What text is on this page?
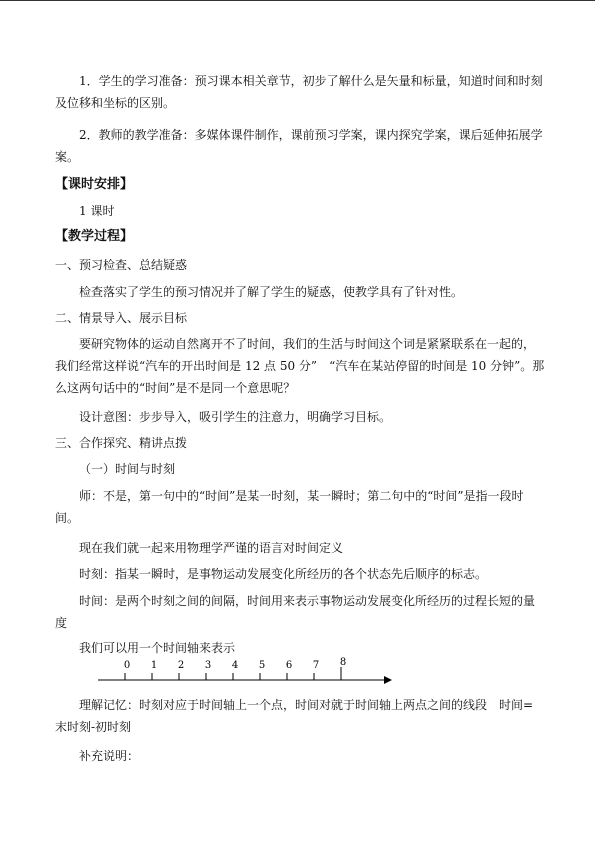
1．学生的学习准备：预习课本相关章节，初步了解什么是矢量和标量，知道时间和时刻及位移和坐标的区别。

2．教师的教学准备：多媒体课件制作，课前预习学案，课内探究学案，课后延伸拓展学案。

【课时安排】

1 课时

【教学过程】

一、预习检查、总结疑惑

检查落实了学生的预习情况并了解了学生的疑惑，使教学具有了针对性。

二、情景导入、展示目标

要研究物体的运动自然离开不了时间，我们的生活与时间这个词是紧紧联系在一起的，我们经常这样说“汽车的开出时间是 12 点 50 分”　“汽车在某站停留的时间是 10 分钟”。那么这两句话中的“时间”是不是同一个意思呢？

设计意图：步步导入，吸引学生的注意力，明确学习目标。

三、合作探究、精讲点拨

（一）时间与时刻

师：不是，第一句中的“时间”是某一时刻，某一瞬时；第二句中的“时间”是指一段时间。

现在我们就一起来用物理学严谨的语言对时间定义

时刻：指某一瞬时，是事物运动发展变化所经历的各个状态先后顺序的标志。

时间：是两个时刻之间的间隔，时间用来表示事物运动发展变化所经历的过程长短的量度

我们可以用一个时间轴来表示

0 1 2 3 4 5 6 7 8

理解记忆：时刻对应于时间轴上一个点，时间对就于时间轴上两点之间的线段　时间=末时刻-初时刻

补充说明：
